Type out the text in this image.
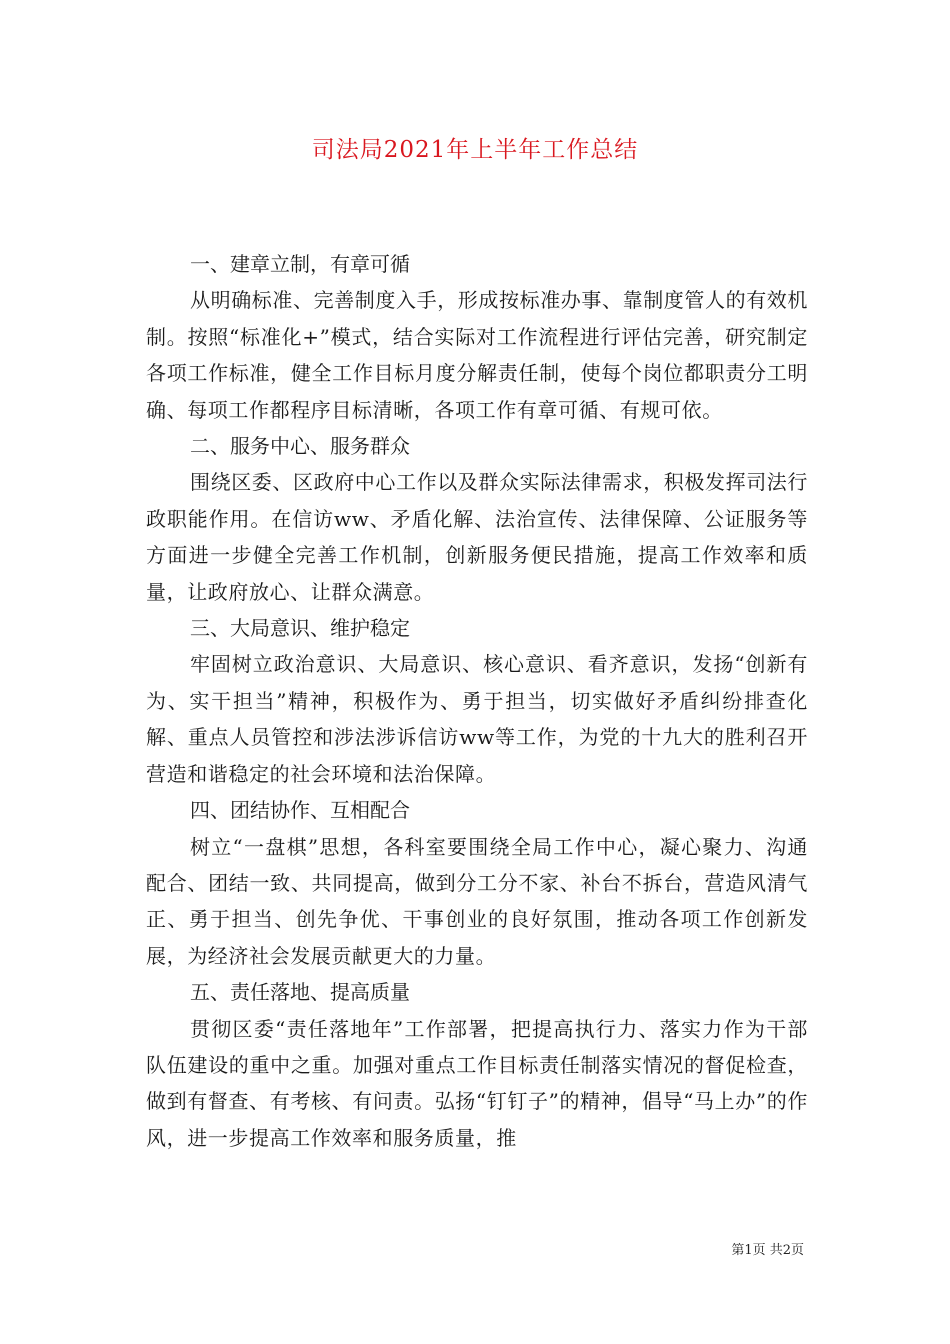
司法局2021年上半年工作总结

一、建章立制，有章可循

从明确标准、完善制度入手，形成按标准办事、靠制度管人的有效机制。按照“标准化+”模式，结合实际对工作流程进行评估完善，研究制定各项工作标准，健全工作目标月度分解责任制，使每个岗位都职责分工明确、每项工作都程序目标清晰，各项工作有章可循、有规可依。

二、服务中心、服务群众

围绕区委、区政府中心工作以及群众实际法律需求，积极发挥司法行政职能作用。在信访ww、矛盾化解、法治宣传、法律保障、公证服务等方面进一步健全完善工作机制，创新服务便民措施，提高工作效率和质量，让政府放心、让群众满意。

三、大局意识、维护稳定

牢固树立政治意识、大局意识、核心意识、看齐意识，发扬“创新有为、实干担当”精神，积极作为、勇于担当，切实做好矛盾纠纷排查化解、重点人员管控和涉法涉诉信访ww等工作，为党的十九大的胜利召开营造和谐稳定的社会环境和法治保障。

四、团结协作、互相配合

树立“一盘棋”思想，各科室要围绕全局工作中心，凝心聚力、沟通配合、团结一致、共同提高，做到分工分不家、补台不拆台，营造风清气正、勇于担当、创先争优、干事创业的良好氛围，推动各项工作创新发展，为经济社会发展贡献更大的力量。

五、责任落地、提高质量

贯彻区委“责任落地年”工作部署，把提高执行力、落实力作为干部队伍建设的重中之重。加强对重点工作目标责任制落实情况的督促检查，做到有督查、有考核、有问责。弘扬“钉钉子”的精神，倡导“马上办”的作风，进一步提高工作效率和服务质量，推

第1页 共2页
